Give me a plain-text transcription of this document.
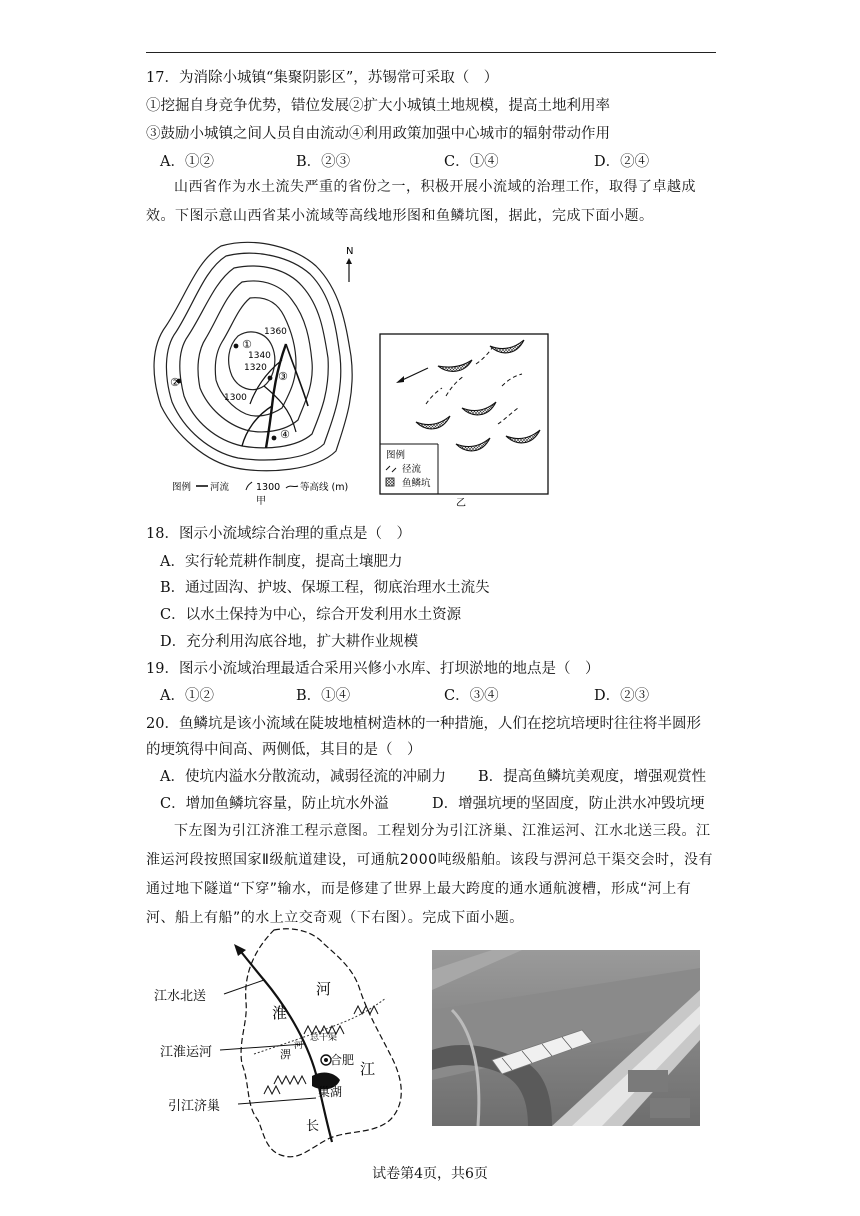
17．为消除小城镇“集聚阴影区”，苏锡常可采取（　）
①挖掘自身竞争优势，错位发展②扩大小城镇土地规模，提高土地利用率
③鼓励小城镇之间人员自由流动④利用政策加强中心城市的辐射带动作用
A．①②	B．②③	C．①④	D．②④
山西省作为水土流失严重的省份之一，积极开展小流域的治理工作，取得了卓越成效。下图示意山西省某小流域等高线地形图和鱼鳞坑图，据此，完成下面小题。
①
②	③
④
1360
1340
1320
1300
N
图例 河流	1300 等高线 (m)
甲
图例
径流
鱼鳞坑
乙
18．图示小流域综合治理的重点是（　）
A．实行轮荒耕作制度，提高土壤肥力
B．通过固沟、护坡、保塬工程，彻底治理水土流失
C．以水土保持为中心，综合开发利用水土资源
D．充分利用沟底谷地，扩大耕作业规模
19．图示小流域治理最适合采用兴修小水库、打坝淤地的地点是（　）
A．①②	B．①④	C．③④	D．②③
20．鱼鳞坑是该小流域在陡坡地植树造林的一种措施，人们在挖坑培埂时往往将半圆形
的埂筑得中间高、两侧低，其目的是（　）
A．使坑内溢水分散流动，减弱径流的冲刷力 B．提高鱼鳞坑美观度，增强观赏性
C．增加鱼鳞坑容量，防止坑水外溢	D．增强坑埂的坚固度，防止洪水冲毁坑埂
下左图为引江济淮工程示意图。工程划分为引江济巢、江淮运河、江水北送三段。江淮运河段按照国家Ⅱ级航道建设，可通航2000吨级船舶。该段与淠河总干渠交会时，没有通过地下隧道“下穿”输水，而是修建了世界上最大跨度的通水通航渡槽，形成“河上有河、船上有船”的水上立交奇观（下右图）。完成下面小题。
江水北送
江淮运河
引江济巢
淮
河
淠
河
总干渠
合肥 江
巢湖
长
试卷第4页，共6页
